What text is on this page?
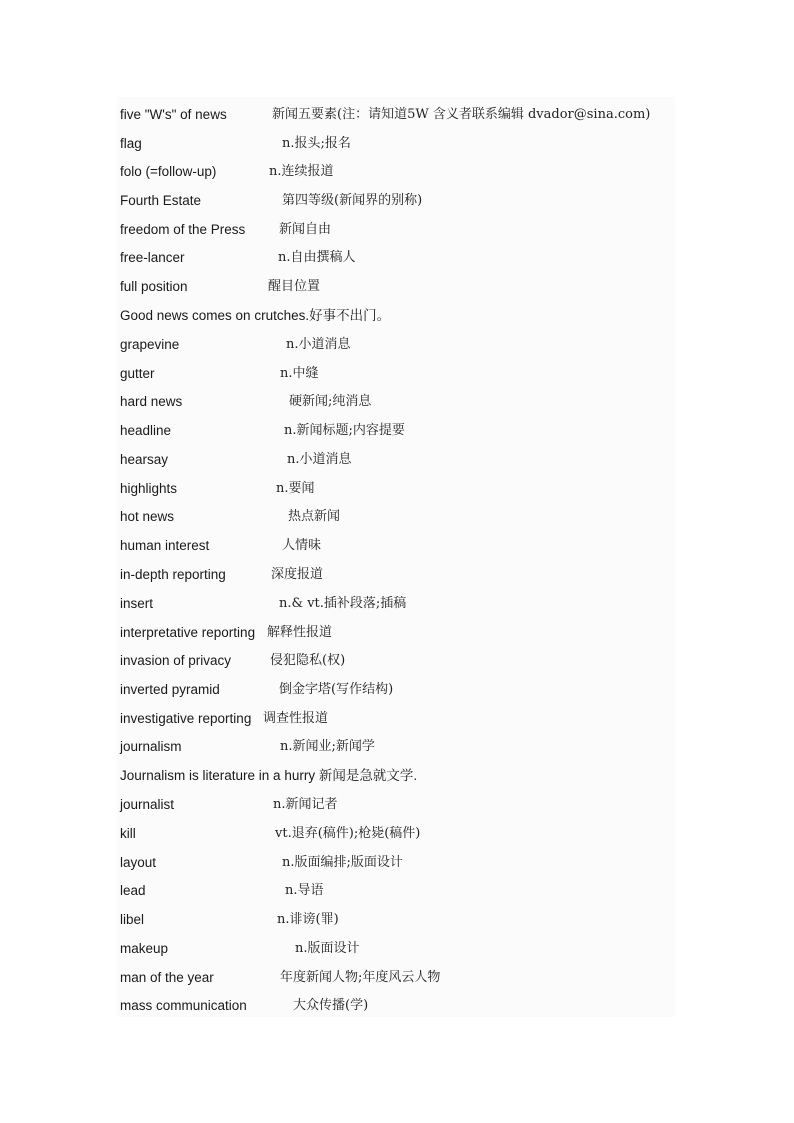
five "W's" of news	新闻五要素(注：请知道5W 含义者联系编辑 dvador@sina.com)
flag	n.报头;报名
folo (=follow-up)	n.连续报道
Fourth Estate	第四等级(新闻界的别称)
freedom of the Press	新闻自由
free-lancer	n.自由撰稿人
full position	醒目位置
Good news comes on crutches.好事不出门。
grapevine	n.小道消息
gutter	n.中缝
hard news	硬新闻;纯消息
headline	n.新闻标题;内容提要
hearsay	n.小道消息
highlights	n.要闻
hot news	热点新闻
human interest	人情味
in-depth reporting	深度报道
insert	n.& vt.插补段落;插稿
interpretative reporting 解释性报道
invasion of privacy	侵犯隐私(权)
inverted pyramid	倒金字塔(写作结构)
investigative reporting 调查性报道
journalism	n.新闻业;新闻学
Journalism is literature in a hurry 新闻是急就文学.
journalist	n.新闻记者
kill	vt.退弃(稿件);枪毙(稿件)
layout	n.版面编排;版面设计
lead	n.导语
libel	n.诽谤(罪)
makeup	n.版面设计
man of the year	年度新闻人物;年度风云人物
mass communication	大众传播(学)
